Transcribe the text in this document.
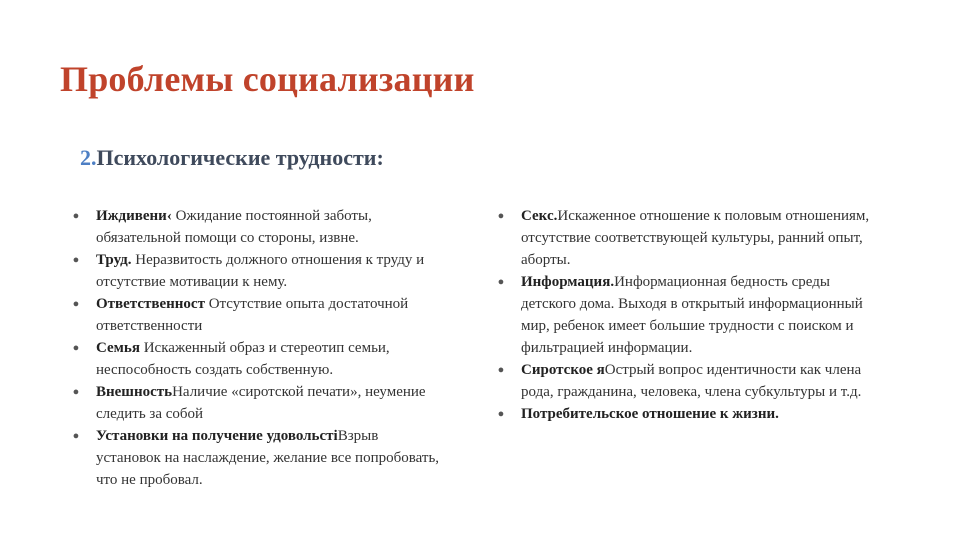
Проблемы социализации
2.Психологические трудности:
● Иждивени‹ Ожидание постоянной заботы, обязательной помощи со стороны, извне.
● Труд. Неразвитость должного отношения к труду и отсутствие мотивации к нему.
● Ответственност Отсутствие опыта достаточной ответственности
● Семья Искаженный образ и стереотип семьи, неспособность создать собственную.
● ВнешностьНаличие «сиротской печати», неумение следить за собой
● Установки на получение удовольстіВзрыв установок на наслаждение, желание все попробовать, что не пробовал.
● Секс.Искаженное отношение к половым отношениям, отсутствие соответствующей культуры, ранний опыт, аборты.
● Информация.Информационная бедность среды детского дома. Выходя в открытый информационный мир, ребенок имеет большие трудности с поиском и фильтрацией информации.
● Сиротское яОстрый вопрос идентичности как члена рода, гражданина, человека, члена субкультуры и т.д.
● Потребительское отношение к жизни.
